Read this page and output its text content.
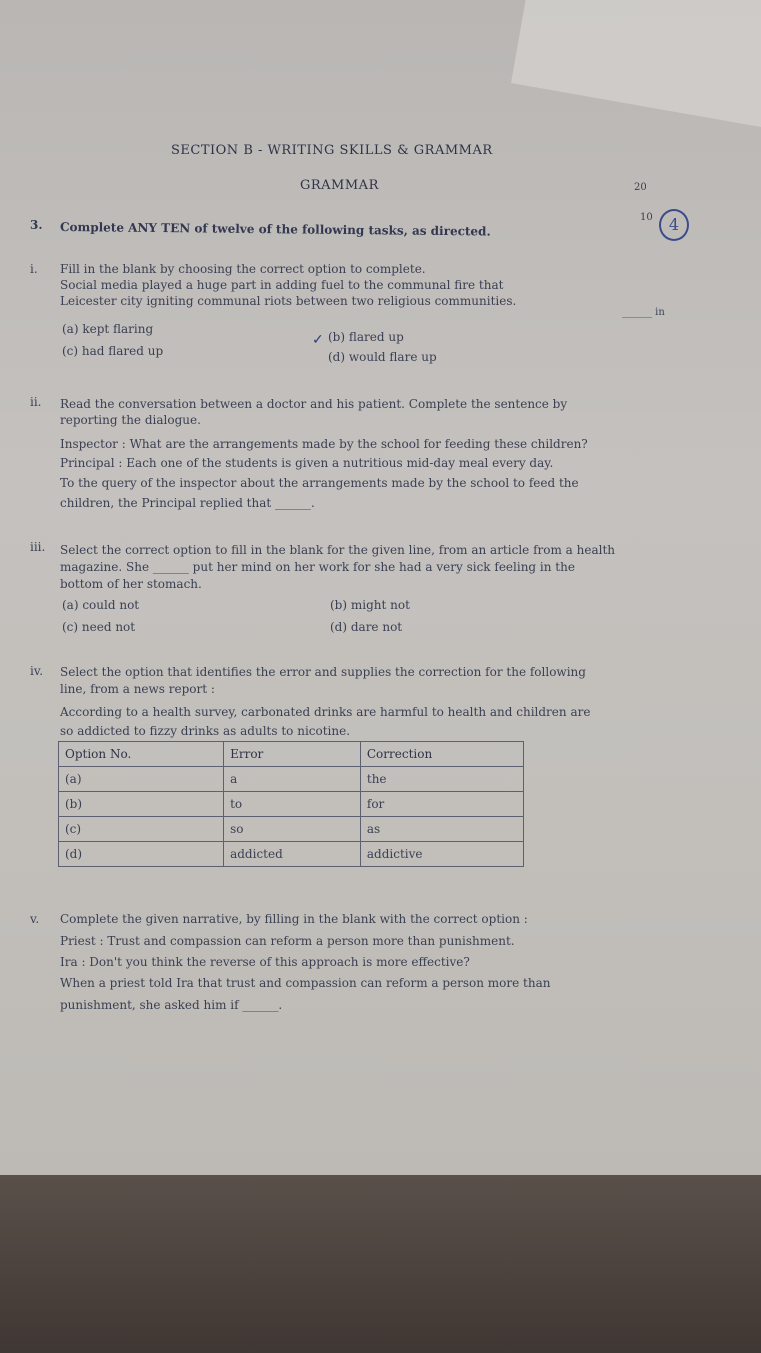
SECTION B - WRITING SKILLS & GRAMMAR
GRAMMAR	20
10	4
3. Complete ANY TEN of twelve of the following tasks, as directed.
i. Fill in the blank by choosing the correct option to complete.
Social media played a huge part in adding fuel to the communal fire that
Leicester city igniting communal riots between two religious communities.
______ in
(a) kept flaring
(b) flared up
✓
(c) had flared up	(d) would flare up
ii. Read the conversation between a doctor and his patient. Complete the sentence by
reporting the dialogue.
Inspector : What are the arrangements made by the school for feeding these children?
Principal : Each one of the students is given a nutritious mid-day meal every day.
To the query of the inspector about the arrangements made by the school to feed the
children, the Principal replied that ______.
iii. Select the correct option to fill in the blank for the given line, from an article from a health
magazine. She ______ put her mind on her work for she had a very sick feeling in the
bottom of her stomach.
(a) could not	(b) might not
(c) need not	(d) dare not
iv. Select the option that identifies the error and supplies the correction for the following
line, from a news report :
According to a health survey, carbonated drinks are harmful to health and children are
so addicted to fizzy drinks as adults to nicotine.
Option No.	Error	Correction
(a)	a	the
(b)	to	for
(c)	so	as
(d)	addicted	addictive
v. Complete the given narrative, by filling in the blank with the correct option :
Priest : Trust and compassion can reform a person more than punishment.
Ira : Don't you think the reverse of this approach is more effective?
When a priest told Ira that trust and compassion can reform a person more than
punishment, she asked him if ______.
